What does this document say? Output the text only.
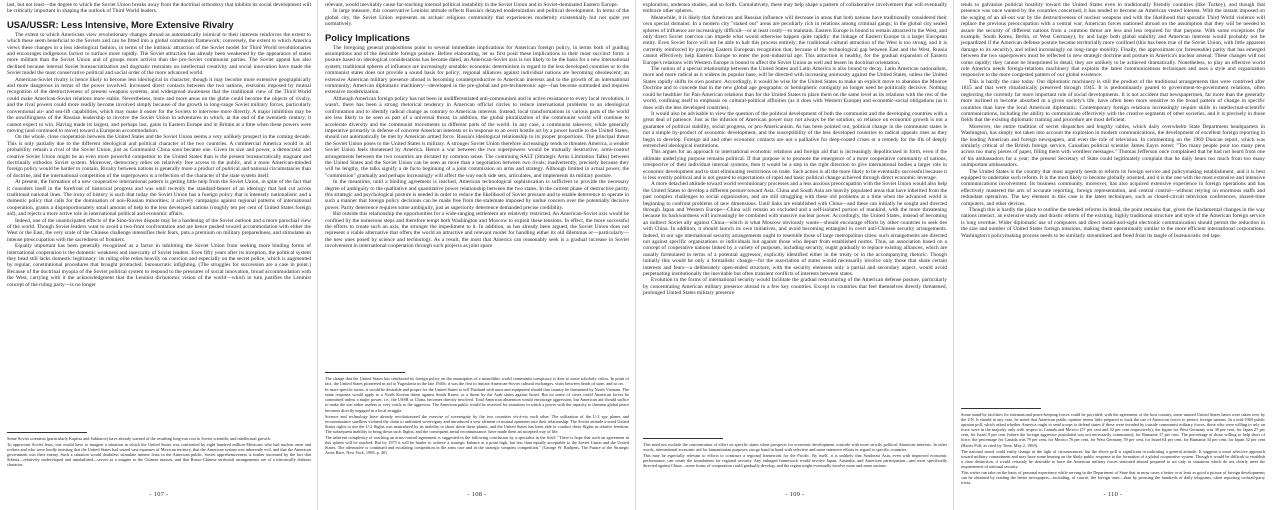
last, but not least—the degree to which the Soviet Union breaks away from the doctrinal orthodoxy that inhibits its social development will be critically important in shaping the outlook of Third World leaders.

USA/USSR: Less Intensive, More Extensive Rivalry

The extent to which Americans view revolutionary changes abroad as automatically inimical to their interests reinforces the extent to which these seem beneficial to the Soviets and can be fitted into a global communist framework; conversely, the extent to which America views these changes in a less ideological fashion, in terms of the intrinsic attraction of the Soviet model for Third World revolutionaries and encourages indigenous factors to surface more rapidly. The Soviet attraction has already been weakened by the appearance of states more militant than the Soviet Union and of groups more activist than the pro-Soviet communist parties. The Soviet appeal has also declined because internal Soviet bureaucratization and dogmatic restraints on intellectual creativity and social innovation have made the Soviet model the most conservative political and social order of the more advanced world.

American-Soviet rivalry is hence likely to become less ideological in character, though it may become more extensive geographically and more dangerous in terms of the power involved. Increased direct contacts between the two nations, restraints imposed by mutual recognition of the destructiveness of present weapons systems, and widespread awareness that the traditional view of the Third World could make American-Soviet relations more stable. Nevertheless, more and more areas on the globe could become the objects of rivalry, and the rival powers could more readily become involved simply because of the growth in long-range Soviet military forces, particularly conventional air- and sea-lift capabilities, which may make it easier for the Soviets to intervene more directly. A major inhibition may be the unwillingness of the Russian leadership to involve the Soviet Union in adventures in which, at the end of the twentieth century, it cannot expect to win. Having made its largest, and perhaps last, gains in Eastern Europe and in Britain at a time when these powers were moving (and continued to move) toward a European accommodation.

On the whole, close cooperation between the United States and the Soviet Union seems a very unlikely prospect in the coming decade. This is only partially due to the different ideological and political character of the two countries. A commercial America would in all probability remain a rival of the Soviet Union, just as Communist China soon became one. Given its size and power, a democratic and creative Soviet Union might be an even more powerful competitor to the United States than is the present bureaucratically stagnant and doctrinally orthodox Soviet system. Moreover, democracy relies on relatively free access to the public, and a more American-minded foreign policy would be harder to contain. Rivalry between nations is generally more a product of political and national circumstances than of doctrine, and the international competition of the superpowers is a reflection of the character of the state system itself.

At present, the formation of a new cooperative international pattern is getting little help from the Soviet Union, in spite of the fact that it considers itself in the forefront of historical progress and was until recently the standard-bearer of an ideology that had cut across traditional national lines. The irony of history is such that today the Soviet Union has a foreign policy that is intensely nationalistic and a domestic policy that calls for the domination of non-Russian minorities; it actively campaigns against regional patterns of international cooperation, grants a disproportionately small amount of help to the less developed nations (roughly ten per cent of United States foreign aid), and rejects a more active role in international political and economic affairs.

Indeed, one of the unanticipated effects of the Sino-Soviet dispute may be a hardening of the Soviet outlook and a more parochial view of the world. Though Soviet leaders want to avoid a two-front confrontation and are hence pushed toward accommodation with either the West or the East, the very scale of the Chinese challenge intensifies their fears, puts a premium on military preparedness, and stimulates an intense preoccupation with the sacredness of frontiers.

Equally important has been generally recognized as a factor in inhibiting the Soviet Union from seeking more binding forms of international cooperation is the domestic weakness and insecurity of Soviet leaders. Even fifty years after its inception, the political system they head still lacks domestic legitimacy: its ruling elite relies heavily on coercion and especially on the secret police, which is augmented by regular, constitutional procedures that brought protracted, bureaucratic infighting. (The struggles for succession are a case in point.) Because of the doctrinal myopia of the Soviet political system to respond to the pressures of social innovation, broad accommodation with the West, carrying with it the acknowledgment that the Leninist dichotomic vision of the world—which in turn justifies the Leninist concept of the ruling party—is no longer

Some Soviet scientists (particularly Kapitsa and Sakharov) have already warned of the resulting long-run cost to Soviet scientific and intellectual growth.

To appreciate Soviet fears, one would have to imagine a situation in which the United States was confronted by eight hundred million Mexicans who had nuclear arms and rockets and who were loudly insisting that the United States had seized vast expanses of Mexican territory, that the American system was inherently evil, and that the American government was their enemy. Such a situation would doubtless stimulate intense fears in the American public. Soviet apprehensiveness is further increased by the fact that Siberia—relatively undeveloped and uninhabited—serves as a magnet to the Chinese masses, and that Russo-Chinese territorial arrangements are of a historically dubious character.

- 107 -

relevant, would inevitably cause far-reaching internal political instability in the Soviet Union and in Soviet-dominated Eastern Europe.

In large measure, this conservative Leninist attitude reflects Russia's delayed modernization and political development. In terms of the global city, the Soviet Union represents an archaic religious community that experiences modernity existentially but not quite yet normatively.

Policy Implications

The foregoing general propositions point to several immediate implications for American foreign policy, in terms both of guiding assumptions and of the desirable foreign posture. Before elaborating, let us first posit these implications in their most succinct form: a posture based on ideological considerations has become dated, an American-Soviet axis is not likely to be the basis for a new international system; traditional spheres of influence are increasingly unstable; economic determinism in regard to the less developed countries or to the communist states does not provide a sound basis for policy; regional alliances against individual nations are becoming obsolescent; an extensive American military presence abroad is becoming counterproductive to American interests and to the growth of an international community; American diplomatic machinery—developed in the pre-global and pre-technetronic age—has become outmoded and requires extensive modernization.

Although American foreign policy has not been in undifferentiated anti-communism and in active resistance to every local revolution, it wasn't, there has been a strong rhetorical tendency in American official circles to reduce international problems to an ideological confrontation and to identify radical change as contrary to American interests. Instead, local transformations in various parts of the world are less likely to be seen as part of a universal threat; in addition, the global pluralization of the communist world will continue to accelerate diversity and the communist movements in different parts of the world. In any case, a communist takeover, while generally imperative primarily in defense of concrete American interests or in response to an overt hostile act by a power hostile to the United States, should not automatically be met by American armed force. Russia's ideological relationship to its proper proportions. The principal threat the Soviet Union poses to the United States is military. A stronger Soviet Union therefore increasingly tends to threaten America, a weaker Soviet Union feels threatened by America. Hence a war between the two superpowers would be mutually destructive, arms-control arrangements between the two countries are dictated by common sense. The continuing SALT (Strategic Arms Limitation Talks) between the United States and the Soviet Union can be seen as more than a negotiation between two rivals; inadvertently, precisely because they will be lengthy, the talks signify a de facto beginning of a joint commission on arms and strategy. Although limited in actual power, the "commission" gradually and perhaps increasingly will affect the way each side sets, articulates, and implements its military posture.

In the meantime, until a binding agreement is reached, American technological sophistication is sufficient to provide the necessary degree of ambiguity to the qualitative and quantitative power relationship between the two states. In the current phase of destructive parity, this strategic and psychological posture is needed in order to reduce the likelihood of Soviet pressure and to enable deterrence to operate in such a manner that foreign policy decisions can be made free from the stalemate imposed by undue concern over the potentially decisive power. Parity deterrence requires some ambiguity, just as superiority deterrence demanded precise credibility.

But outside this relationship the opportunities for a wide-ranging settlement are relatively restricted. An American-Soviet axis would be confined by the numerous steps and therefore tempt both Washington and Moscow to exploit these tensions. In effect, the more successful the efforts to create such an axis, the stronger the impediment to it. In addition, as has already been argued, the Soviet Union does not represent a viable alternative that offers the world an attractive and relevant model for handling either its old dilemmas or—particularly—the new ones posed by science and technology. As a result, the most that America can reasonably seek is a gradual increase in Soviet involvement in international cooperation through such projects as joint space

The charge that the United States has conducted its foreign policy on the assumption of a monolithic world communist conspiracy is dear to some scholarly critics. In point of fact, the United States pioneered in aid to Yugoslavia in the late 1940s; it was the first to initiate American-Soviet cultural exchanges, visits between heads of state, and so on.

In more specific terms, it would be desirable and proper for the United States to tell Thailand with arms and equipment should that country be threatened by North Vietnam. The same response would apply to a North Korean threat against South Korea, or a threat by the Arab states against Israel. But no sense of crises could American forces be committed unless a major power, i.e., the USSR or China, becomes directly involved. Total American abstention would encourage aggression, but American aid should suffice to make the war either useless or very costly to the aggressor. The American public would be reserved for situations in which a power with the capacity to threaten global peace becomes directly engaged in a local struggle.

Science and technology have already revolutionized the exercise of sovereignty by the two countries vis-à-vis each other. The utilization of the U-2 spy planes and reconnaissance satellites violated the claim to unlimited sovereignty and introduced a new element of mutual openness into their relationship. The Soviet attitude toward United States rights to use the U-2 flights was neutralized by its inability to shoot down these planes, and the United States has been able to conduct these flights in relative freedom. The subsequent inability to bring down such flights, and the consequent aerial reconnaissance, have made them an accepted way of life.

The inherent complexity of reaching an arms-control agreement is suggested in the following conclusion by a specialist in the field: "There is hope that such an agreement in this sphere will be reached. But by 1975 it will be harder to achieve a strategic balance at a point high, but less than equally acceptable to the Soviet Union and the United States. The alternative is continued and escalating competition in the arms race and in the strategic weapons competition." (George W. Rathjens, The Future of the Strategic Arms Race, New York, 1969, p. 40)

- 108 -

exploration, undersea studies, and so forth. Cumulatively, these may help shape a pattern of collaborative involvement that will eventually embrace other spheres.

Meanwhile, it is likely that American and Russian influence will decrease in areas that both nations have traditionally considered their own special domains. In a modern city "staked out" areas are peculiarly rich in relations among criminal gangs; in the global city sealed spheres of influence are increasingly difficult—or at least costly—to maintain. Eastern Europe is bound to remain attracted to the West, and only direct Soviet coercion can impede what would otherwise happen quite rapidly: the linkage of Eastern Europe to a larger European entity. Even Soviet force will not be able to halt this process entirely; the traditional cultural attraction of the West is too strong, and it is currently reinforced by growing Eastern European recognition that, because of the technological gap between East and the West, Russia cannot effectively help Eastern Europe to enter the post-industrial age. This attraction is healthy, for the gradual expansion of Eastern Europe's relations with Western Europe is bound to affect the Soviet Union as well and lessen its doctrinal orientation.

The notion of a special relationship between the United States and Latin America is also bound to decay. Latin American nationalism, more and more radical as it widens its popular base, will be directed with increasing animosity against the United States, unless the United States rapidly shifts its own posture. Accordingly, it would be wise for the United States to make an explicit move to abandon the Monroe Doctrine and to concede that in the new global age geographic or hemispheric contiguity no longer need be politically decisive. Nothing could be healthier for Pan-American relations than for the United States to place them on the same level as its relations with the rest of the world, confining itself to emphasis on cultural-political affinities (as it does with Western Europe) and economic-social obligations (as it does with the less developed countries).

It would also be advisable to view the question of the political development of both the communist and the developing countries with a great deal of patience. Just as the infusion of American power may not always be the solution, so reliance on economic growth is not a guarantee of political stability, social progress, or pro-Americanism. As has been pointed out, political change in the communist states is not a simple by-product of economic development, and the susceptibility of the less developed countries to radical appeals rises as they begin to develop. Foreign aid and other economic contacts are not a palliative for deep-rooted crises or a remedy for the ills of deeply entrenched ideological institutions.

This argues for an approach to international economic relations and foreign aid that is increasingly depoliticized in form, even if the ultimate underlying purpose remains political. If that purpose is to promote the emergence of a more cooperative community of nations, irrespective of their individual internal systems, then it would be a step in the right direction to give international bodies a larger role in economic development and to start eliminating restrictions on trade. Such action is all the more likely to be eventually successful because it is less overtly political and is not geared to expectations of rapid and basic political change achieved through direct economic leverage.

A more detached attitude toward world revolutionary processes and a less anxious preoccupation with the Soviet Union would also help the United States to develop a different posture toward Asia. China and South Asia are heavily populated areas that have inherited from the past complex challenges to social organization, and are still struggling with these old problems at a time when the advanced world is beginning to confront problems of new dimensions. Until links are established with China—and these can initially be sought and directed through Japan and Western Europe—China will remain an excluded and a self-isolated portion of mankind, with the more threatening because its backwardness will increasingly be combined with massive nuclear power. Accordingly, the United States, instead of becoming an indirect Soviet ally against China—which is what Moscow obviously wants—should encourage efforts by other countries to seek ties with China. In addition, it should launch its own initiatives, and avoid becoming entangled in overt anti-Chinese security arrangements. Indeed, in our age international security arrangements ought to resemble those of large metropolitan cities: such arrangements are directed not against specific organizations or individuals but against those who depart from established norms. Thus, an association based on a concept of cooperative nations linked by a variety of purposes, including security, ought gradually to replace existing alliances, which are usually formulated in terms of a potential aggressor, explicitly identified either in the treaty or in the accompanying rhetoric. Though initially this would be only a formalistic change—for the association of states would necessarily involve only those that share certain interests and fears—a deliberately open-ended structure, with the security elements only a partial and secondary aspect, would avoid perpetuating institutionally the inevitable but often transient conflicts of interests between states.

Evolution in the forms of international security would facilitate the gradual restructuring of the American defense posture, particularly by concentrating American military presence abroad in a few key countries. Except in countries that feel themselves directly threatened, prolonged United States military presence

This need not exclude the concentration of effort on specific states when prospects for economic development coincide with more strictly political American interests. In other words, international economic aid for humanitarian purposes can go hand in hand with selective and more intensive efforts in regard to specific countries.

This may be especially relevant to efforts to construct a regional framework for the Pacific. By itself, it is unlikely that Southeast Asia, even with improved economic performance, can create the foundations for regional security. Any enlarged framework would involve Japan, Australia, and American participation—and most specifically directed against China—some forms of cooperation could gradually develop, and the region might eventually involve more and more nations.

- 109 -

tends to galvanize political hostility toward the United States even in traditionally friendly countries (like Turkey), and though that presence was once wanted by the countries concerned, it has tended to become an American vested interest. With the instant imposed on the waging of an all-out war by the destructiveness of nuclear weapons and with the likelihood that sporadic Third World violence will replace the previous preoccupation with a central war, American forces stationed abroad on the assumption that they will be needed to assure the security of different nations from a common threat are less and less required for that purpose. With some exceptions (for example, South Korea, Berlin, or West Germany), by and large both global stability and American interests would probably not be jeopardized if the American defense posture became territorially more confined (this has been true of the Soviet Union, with little apparent damage to its security), and relied increasingly on long-range mobility. Finally, the approximate (or foreseeable) parity that has emerged between the two superpowers must be reflected in new strategic doctrine and posture in America's nuclear arsenal. These changes will not come rapidly; they cannot be blueprinted in detail; they are unlikely to be achieved dramatically. Nonetheless, to play an effective world role America needs foreign-relations machinery that exploits the latest communications techniques and uses a style and organization responsive to the more congested pattern of our global existence.

This is hardly the case today. Our diplomatic machinery is still the product of the traditional arrangements that were contrived after 1815 and that were ritualistically preserved through 1945. It is predominantly geared to government-to-government relations, often neglecting the currently far more important role of social developments. It is not accident that newspapermen, far more than the generally more inclined to become absorbed in a given society's life, have often been more sensitive to the broad pattern of change in specific countries than have the local American diplomatic. Contemporary foreign relations increasingly require skills in intellectual-scientific communications, including the ability to communicate effectively with the creative segments of other societies, and it is precisely in those fields that the existing diplomatic training and procedure are most deficient.

Moreover, the entire tradition of secret dispatches and lengthy cables, which daily overwhelm State Department headquarters in Washington, has simply not taken into account the explosion in modern communications, the development of excellent foreign reporting in the leading American and foreign newspapers, and even the role of television. In commenting on the 1969 Duncan report, which was similarly critical of the British foreign service, Canadian political scientist James Eayrs noted: "Too many people pour too many pens across too many pieces of paper, filling them with wordless messages." Thomas Jefferson once complained that he had not heard from one of his ambassadors for a year; the present Secretary of State could legitimately complain that he daily hears too much from too many unimportant ambassadors.

The United States is the country that most urgently needs to reform its foreign service and policymaking establishment, and it is best equipped to undertake such reform. It is the most likely to become globally oriented, and it is the one with the most extensive and intensive communications involvement. Its business community, moreover, has also acquired extensive experience in foreign operations and has effectively mastered the arts of accurate reporting, foreign representation, and central control—without relying on enormous staffs and redundant operatives. The key element in this case is the latest techniques, such as closed-circuit television conferences, shared-time computers, and other devices.

Though this is hardly the place to outline the needed reforms in detail, the point remains that, given the fundamental changes in the way nations interact, an extensive study and drastic reform of the existing, highly traditional structure and style of the American foreign service is long overdue. Wider diplomatic use of computers and direct sound-and-sight electronic communication should permit the reduction in the size and number of United States foreign missions, making them operationally similar to the more efficient international corporations. Washington's policymaking process needs to be similarly streamlined and freed from its tangle of bureaucratic red tape.

Some stand-by facilities for international peace-keeping forces could be provided; with the agreement of the host country, some unused United States bases were taken over by the UN. It should in any case, be noted that American public opinion seems little prepared to back the use of American forces to protect foreign nations. In a mid-1969 public opinion poll, which asked whether America ought to send troops to defend states if these were invaded by outside communist military forces, those who were willing to rely on force were in the majority only with respect to Canada and Mexico (57 per cent and 52 per cent respectively); the figure for West Germany was 38 per cent, for Japan 27 per cent, for Israel 9 per cent (where the foreign aggressor postulated was not necessarily communist), for Rumania 17 per cent. The percentage of those willing to help short of force, the percentage for Canada was 79 per cent, for Mexico 76 per cent, for West Germany 59 per cent, for Israel 64 per cent, for Rumania 34 per cent, for Japan 52 per cent (Harris Poll, as cited by Time, May 2, 1969).

The national mood could easily change in the light of circumstances, but the above poll is significant in indicating a general attitude. It suggests a more selective approach toward military commitment and may have some bearing on the likely public response to the formation of a global cooperative system. Though it would be difficult to establish a clear distinction, it would certainly be desirable to have the American military forces stationed abroad prepared to act only in situations which do not clearly meet the requirements of national security.

This writer can take on the basis of personal experience while serving in the Department of State that in most cases a better or at least as good a picture of foreign developments can be obtained by reading the better newspapers—including, of course, the foreign ones—than by perusing the hundreds of daily telegrams, often reporting cocktail-party trivia.

- 110 -
